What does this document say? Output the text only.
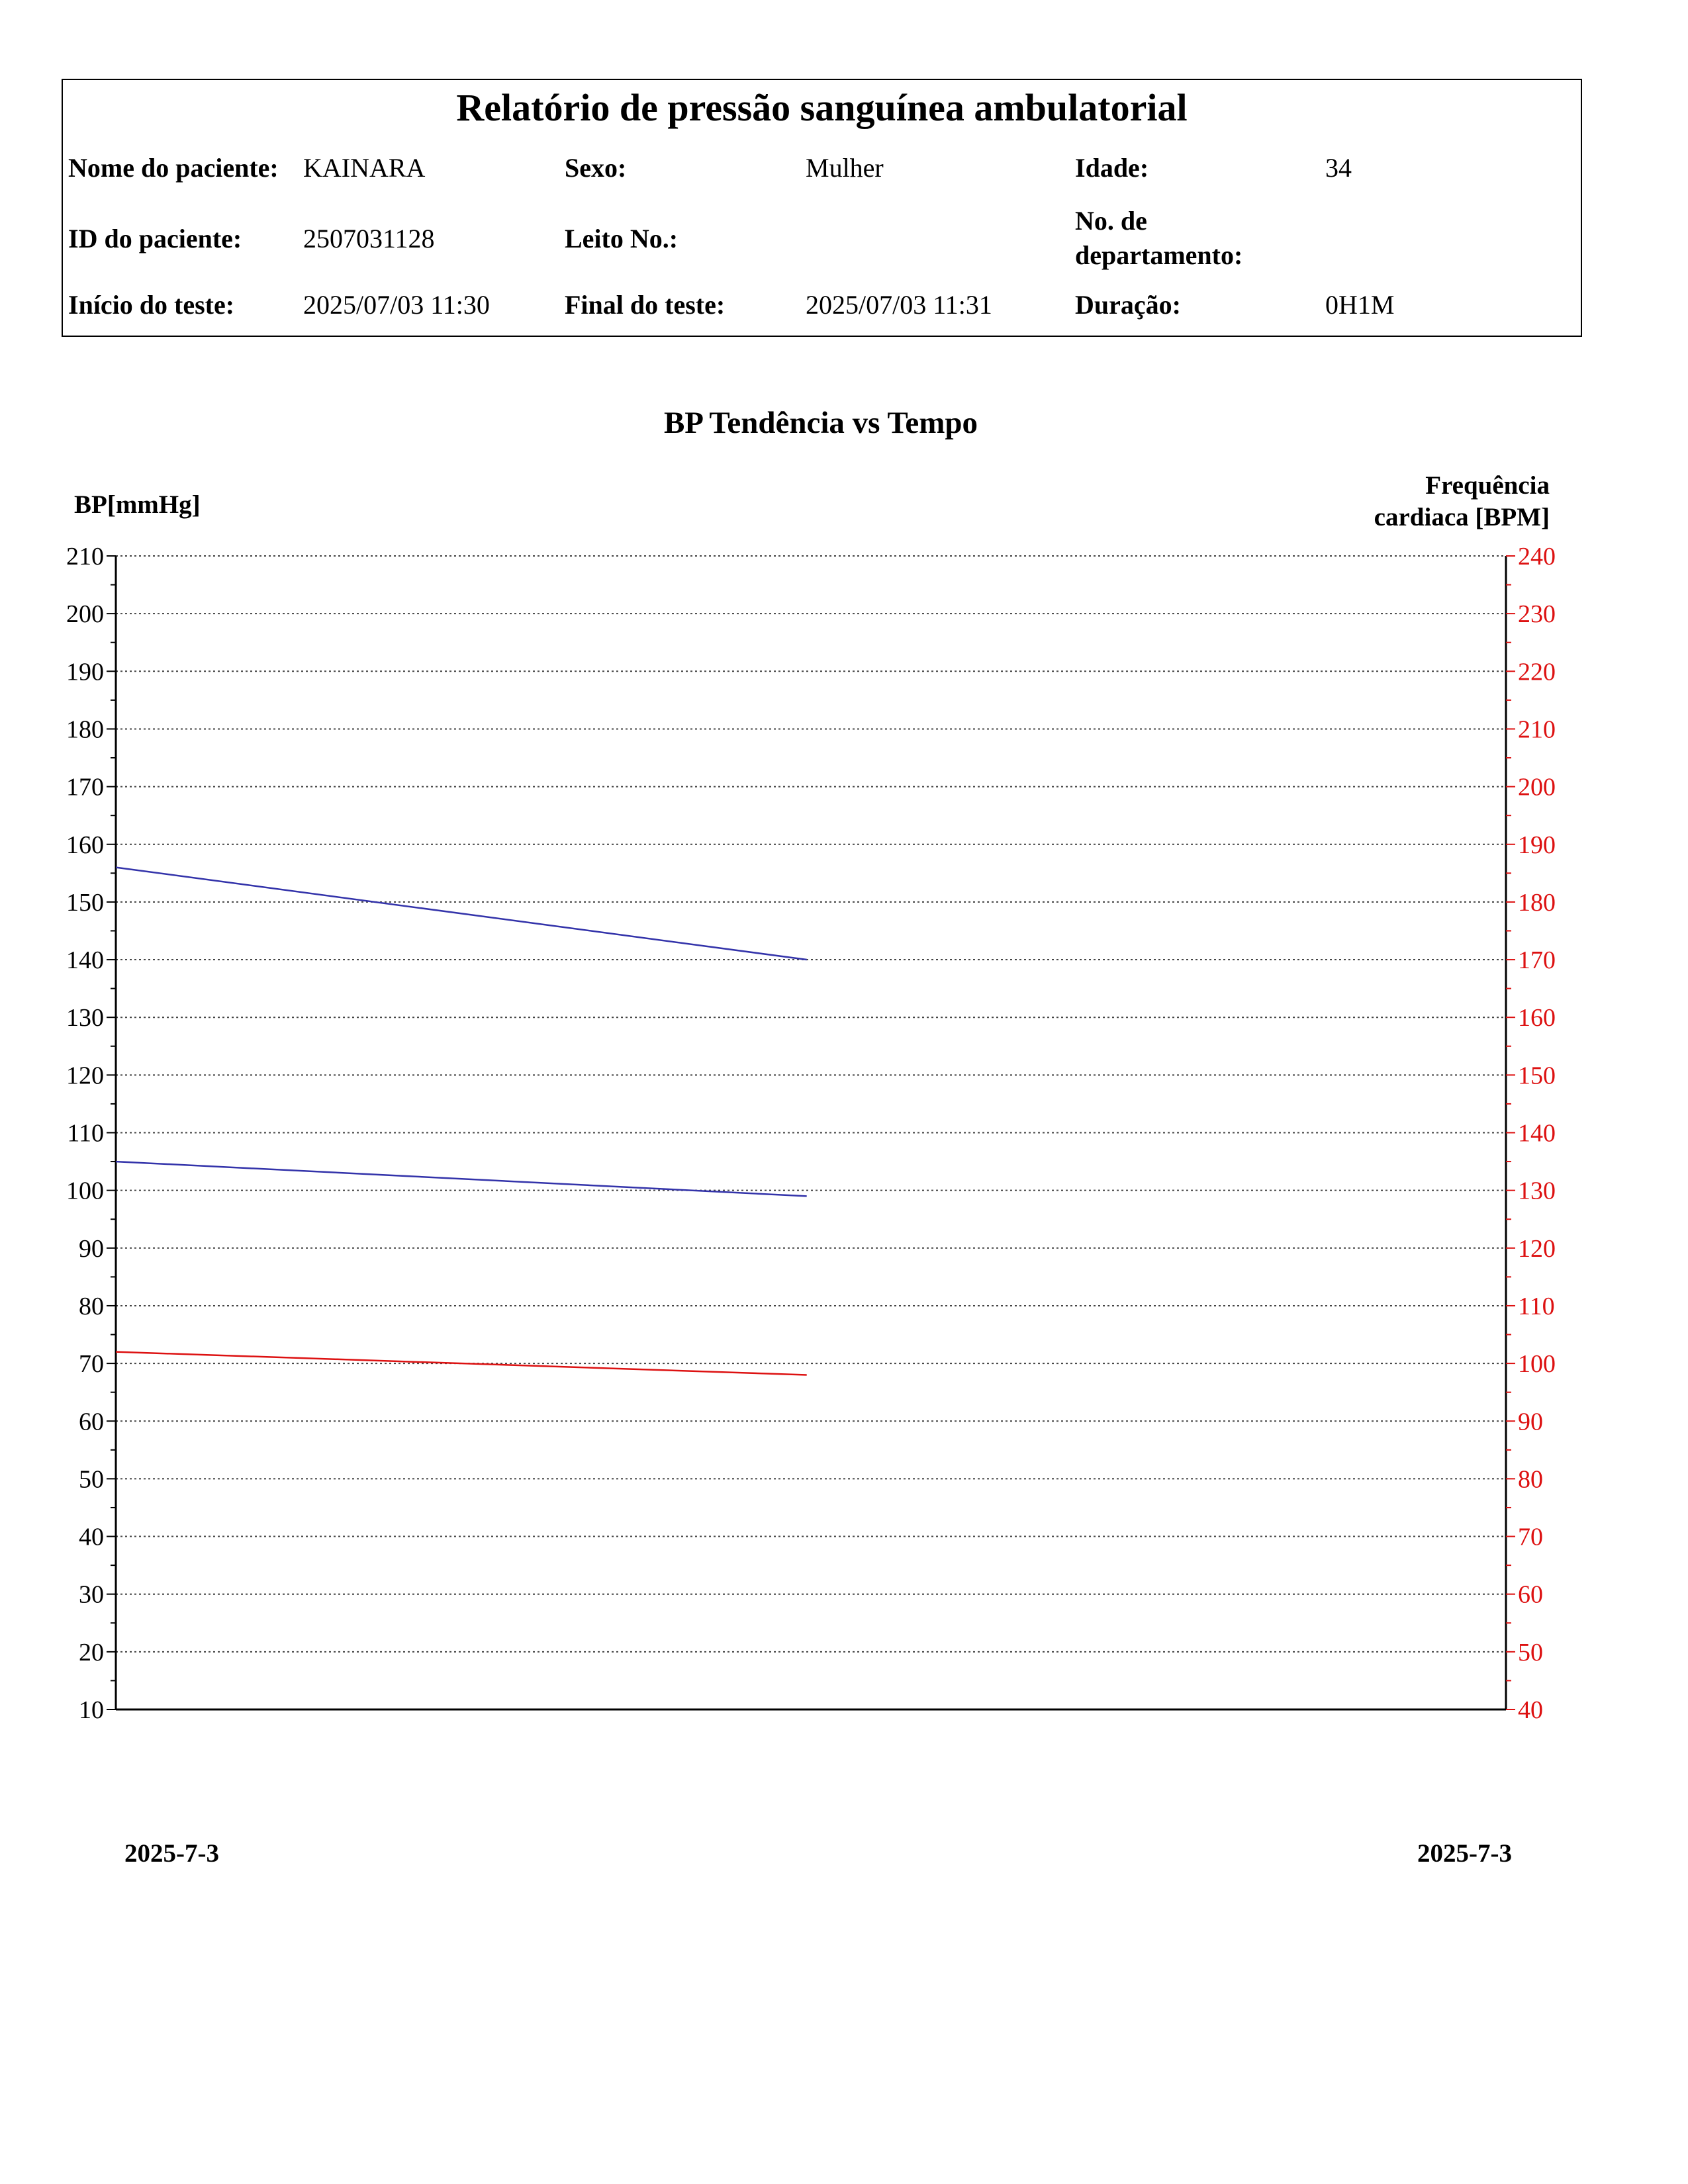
Relatório de pressão sanguínea ambulatorial
Nome do paciente: KAINARA	Sexo:	Mulher	Idade:	34
ID do paciente: 2507031128	Leito No.:
No. de
departamento:
Início do teste:	2025/07/03 11:30	Final do teste:	2025/07/03 11:31	Duração:	0H1M
BP Tendência vs Tempo
BP[mmHg]
Frequência
cardiaca [BPM]
10
20
30
40
50
60
70
80
90
100
110
120
130
140
150
160
170
180
190
200
210
40
50
60
70
80
90
100
110
120
130
140
150
160
170
180
190
200
210
220
230
240
2025-7-3	2025-7-3
